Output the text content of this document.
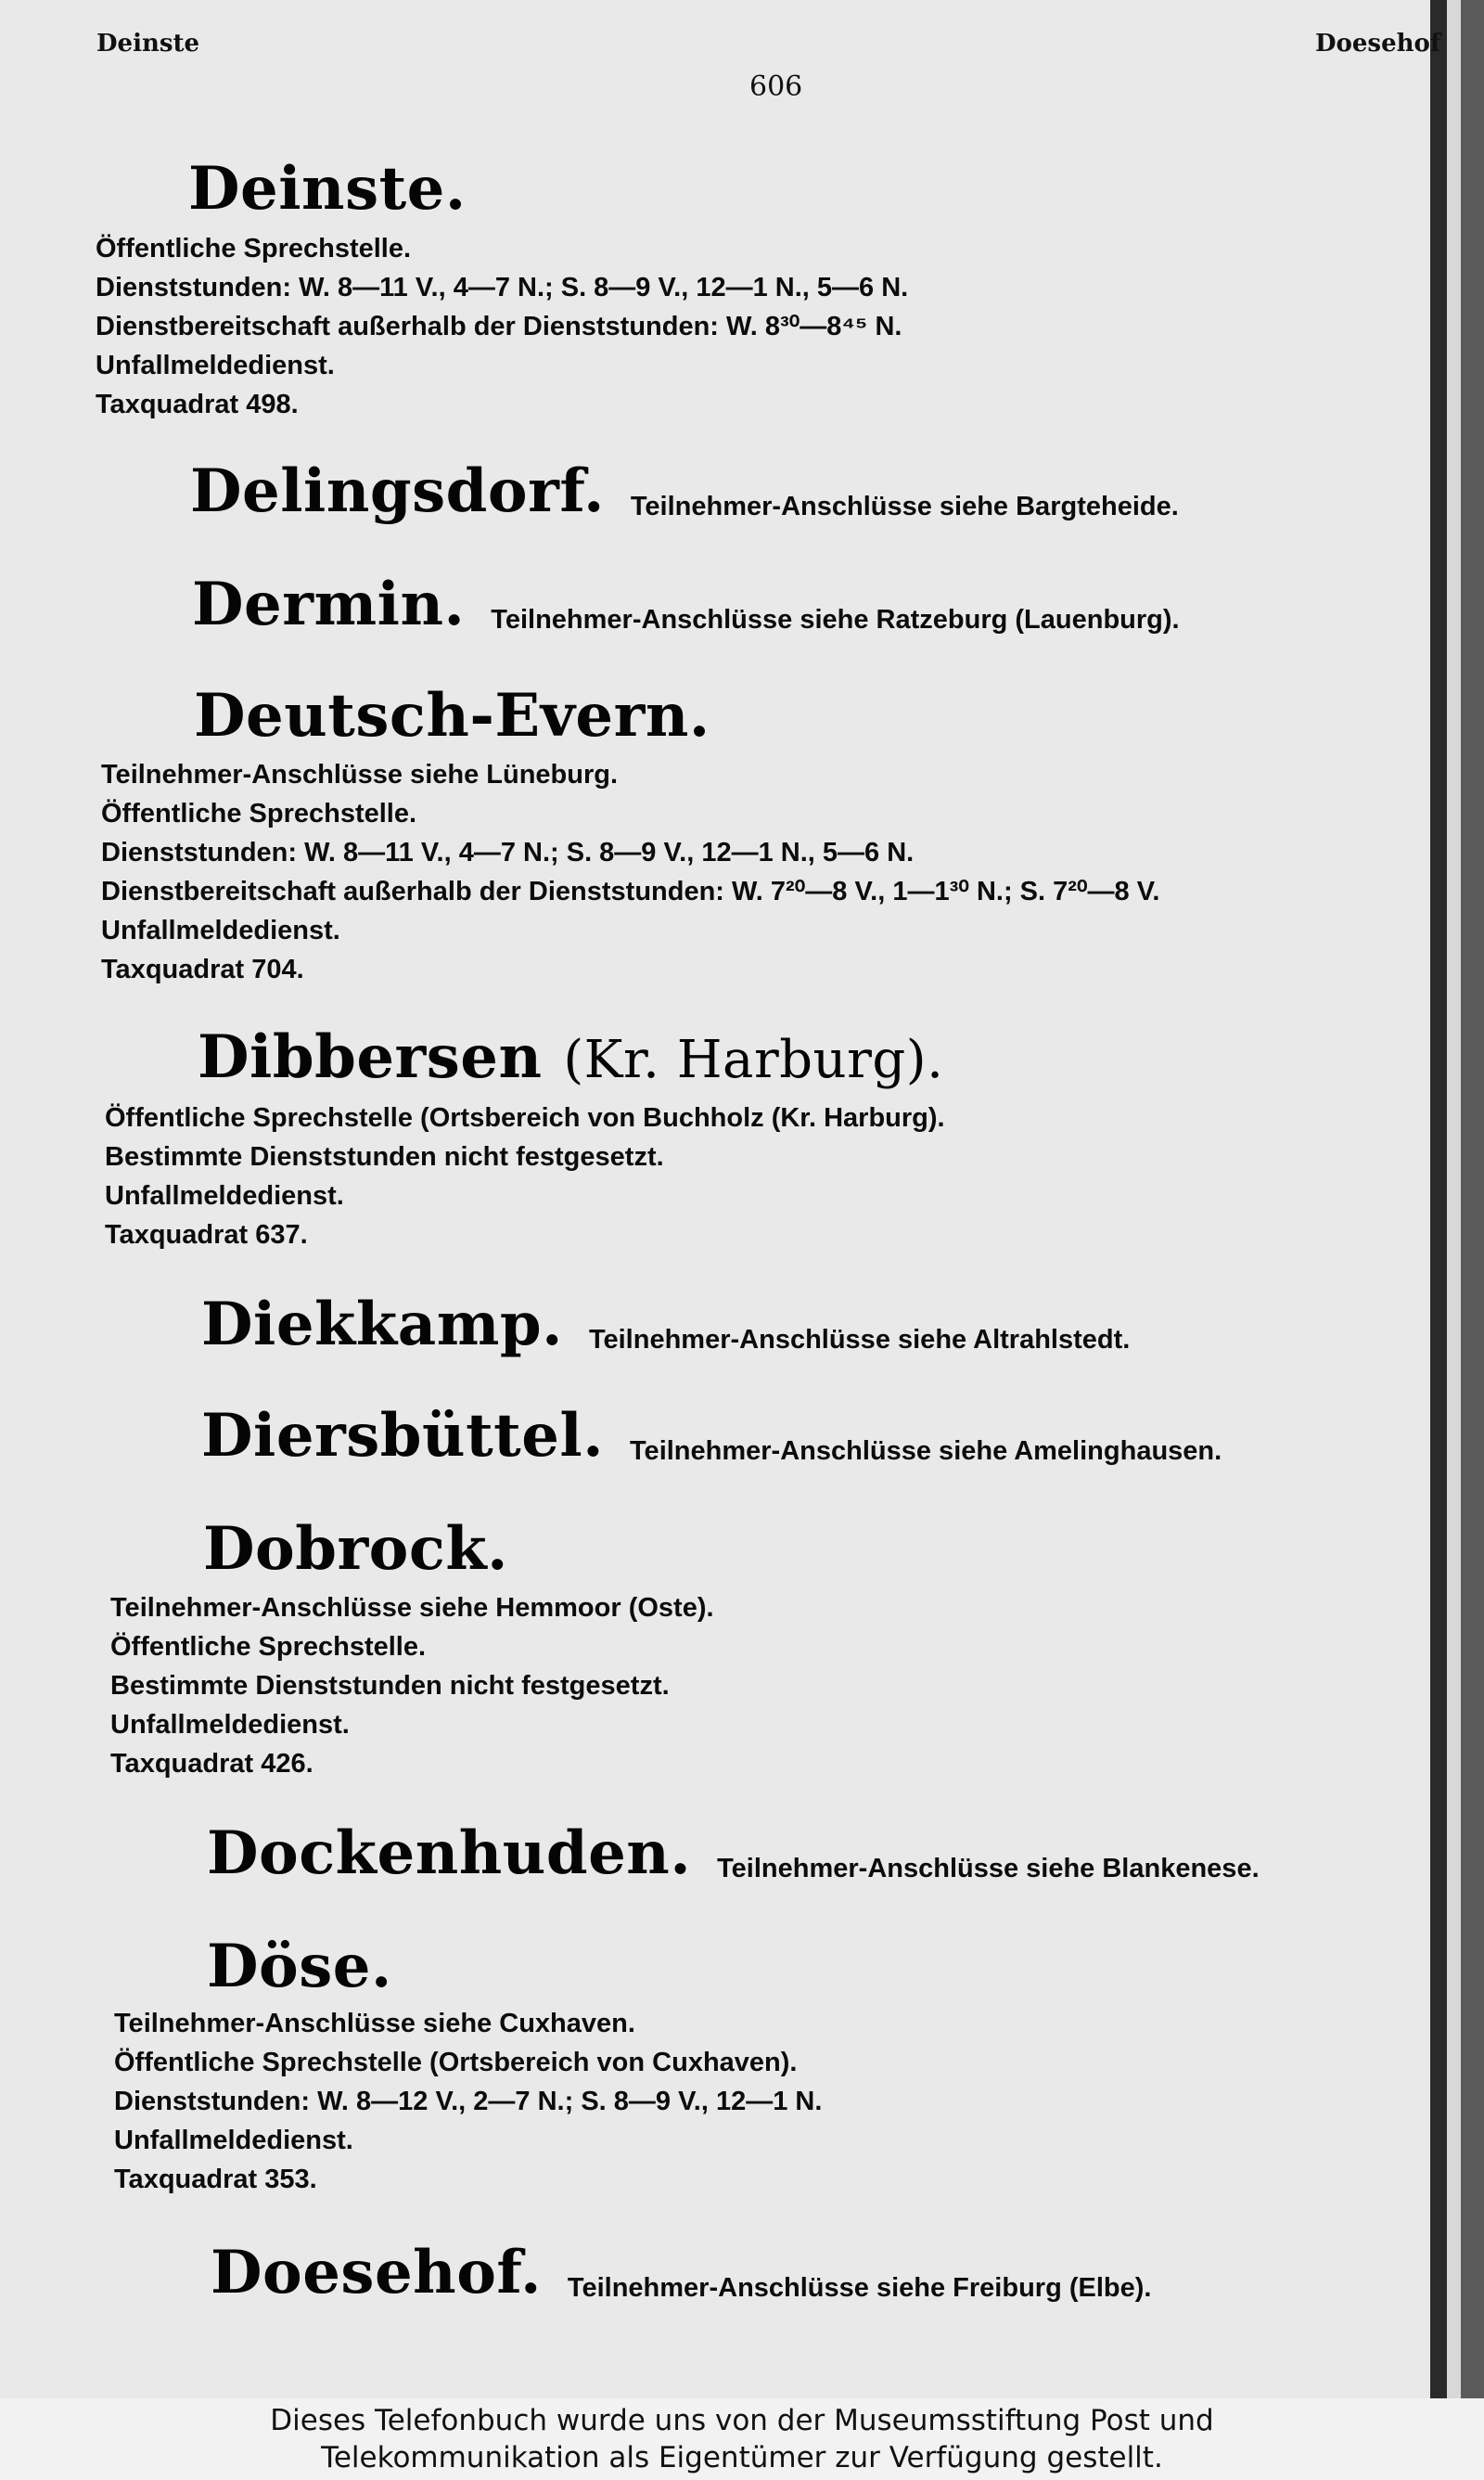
Deinste	Doesehof
606
Deinste.
Öffentliche Sprechstelle.
Dienststunden: W. 8—11 V., 4—7 N.; S. 8—9 V., 12—1 N., 5—6 N.
Dienstbereitschaft außerhalb der Dienststunden: W. 8³⁰—8⁴⁵ N.
Unfallmeldedienst.
Taxquadrat 498.
Delingsdorf. Teilnehmer-Anschlüsse siehe Bargteheide.
Dermin. Teilnehmer-Anschlüsse siehe Ratzeburg (Lauenburg).
Deutsch-Evern.
Teilnehmer-Anschlüsse siehe Lüneburg.
Öffentliche Sprechstelle.
Dienststunden: W. 8—11 V., 4—7 N.; S. 8—9 V., 12—1 N., 5—6 N.
Dienstbereitschaft außerhalb der Dienststunden: W. 7²⁰—8 V., 1—1³⁰ N.; S. 7²⁰—8 V.
Unfallmeldedienst.
Taxquadrat 704.
Dibbersen (Kr. Harburg).
Öffentliche Sprechstelle (Ortsbereich von Buchholz (Kr. Harburg).
Bestimmte Dienststunden nicht festgesetzt.
Unfallmeldedienst.
Taxquadrat 637.
Diekkamp. Teilnehmer-Anschlüsse siehe Altrahlstedt.
Diersbüttel. Teilnehmer-Anschlüsse siehe Amelinghausen.
Dobrock.
Teilnehmer-Anschlüsse siehe Hemmoor (Oste).
Öffentliche Sprechstelle.
Bestimmte Dienststunden nicht festgesetzt.
Unfallmeldedienst.
Taxquadrat 426.
Dockenhuden. Teilnehmer-Anschlüsse siehe Blankenese.
Döse.
Teilnehmer-Anschlüsse siehe Cuxhaven.
Öffentliche Sprechstelle (Ortsbereich von Cuxhaven).
Dienststunden: W. 8—12 V., 2—7 N.; S. 8—9 V., 12—1 N.
Unfallmeldedienst.
Taxquadrat 353.
Doesehof. Teilnehmer-Anschlüsse siehe Freiburg (Elbe).
Dieses Telefonbuch wurde uns von der Museumsstiftung Post und
Telekommunikation als Eigentümer zur Verfügung gestellt.
